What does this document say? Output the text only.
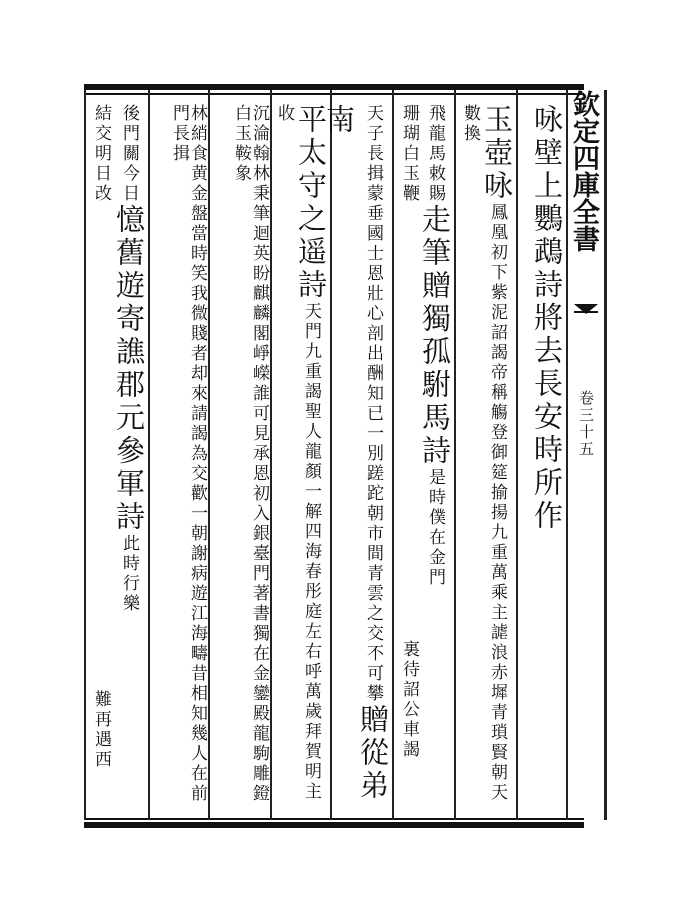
欽定四庫全書
卷三十五
咏壁上鸚鵡詩將去長安時所作
玉壺咏鳳凰初下紫泥詔謁帝稱觴登御筵揄揚九重萬乘主謔浪赤墀青瑣賢朝天數換
飛龍馬敕賜走筆贈獨孤駙馬詩是時僕在金門
天子長揖蒙垂國士恩壯心剖出酬知已一別蹉跎朝市間青雲之交不可攀贈從弟南
平太守之遥詩天門九重謁聖人龍顏一解四海春彤庭左右呼萬歲拜賀明主收
沉淪翰林秉筆迴英盼麒麟閣崢嶸誰可見承恩初入銀臺門著書獨在金鑾殿龍駒雕鐙白玉鞍象
林綃食黄金盤當時笑我微賤者却來請謁為交歡一朝謝病遊江海疇昔相知幾人在前門長揖
後門關今日憶舊遊寄譙郡元參軍詩此時行樂
珊瑚白玉鞭
裏待詔公車謁
結交明日改
難再遇西
